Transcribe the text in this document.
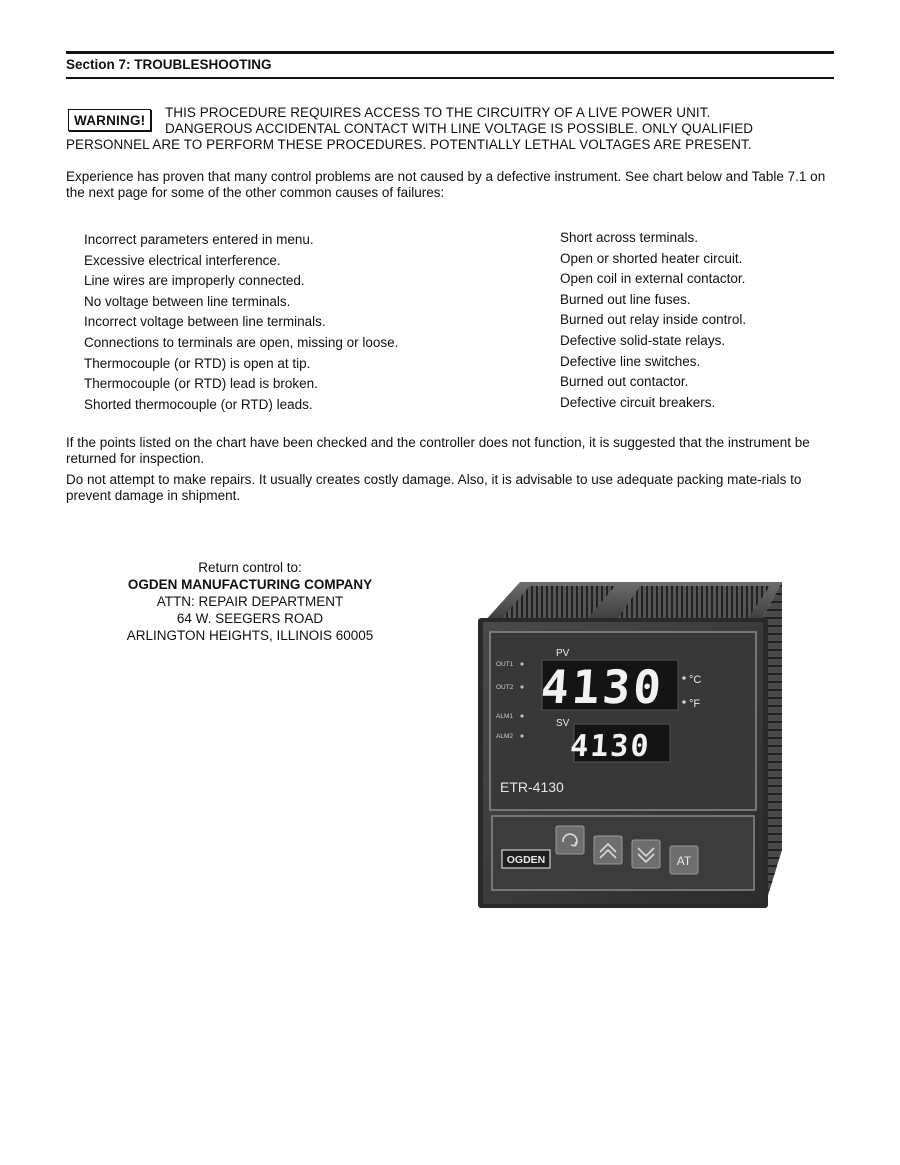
Section 7: TROUBLESHOOTING
WARNING!
THIS PROCEDURE REQUIRES ACCESS TO THE CIRCUITRY OF A LIVE POWER UNIT.
DANGEROUS ACCIDENTAL CONTACT WITH LINE VOLTAGE IS POSSIBLE. ONLY QUALIFIED
PERSONNEL ARE TO PERFORM THESE PROCEDURES. POTENTIALLY LETHAL VOLTAGES ARE PRESENT.
Experience has proven that many control problems are not caused by a defective instrument. See chart below and Table 7.1 on the next page for some of the other common causes of failures:
Incorrect parameters entered in menu.
Excessive electrical interference.
Line wires are improperly connected.
No voltage between line terminals.
Incorrect voltage between line terminals.
Connections to terminals are open, missing or loose.
Thermocouple (or RTD) is open at tip.
Thermocouple (or RTD) lead is broken.
Shorted thermocouple (or RTD) leads.
Short across terminals.
Open or shorted heater circuit.
Open coil in external contactor.
Burned out line fuses.
Burned out relay inside control.
Defective solid-state relays.
Defective line switches.
Burned out contactor.
Defective circuit breakers.
If the points listed on the chart have been checked and the controller does not function, it is suggested that the instrument be returned for inspection.
Do not attempt to make repairs. It usually creates costly damage. Also, it is advisable to use adequate packing mate-rials to prevent damage in shipment.
Return control to:
OGDEN MANUFACTURING COMPANY
ATTN: REPAIR DEPARTMENT
64 W. SEEGERS ROAD
ARLINGTON HEIGHTS, ILLINOIS 60005
OUT1
OUT2
ALM1
ALM2
PV
4130 °C
°F
SV
4130
ETR-4130
OGDEN	AT
